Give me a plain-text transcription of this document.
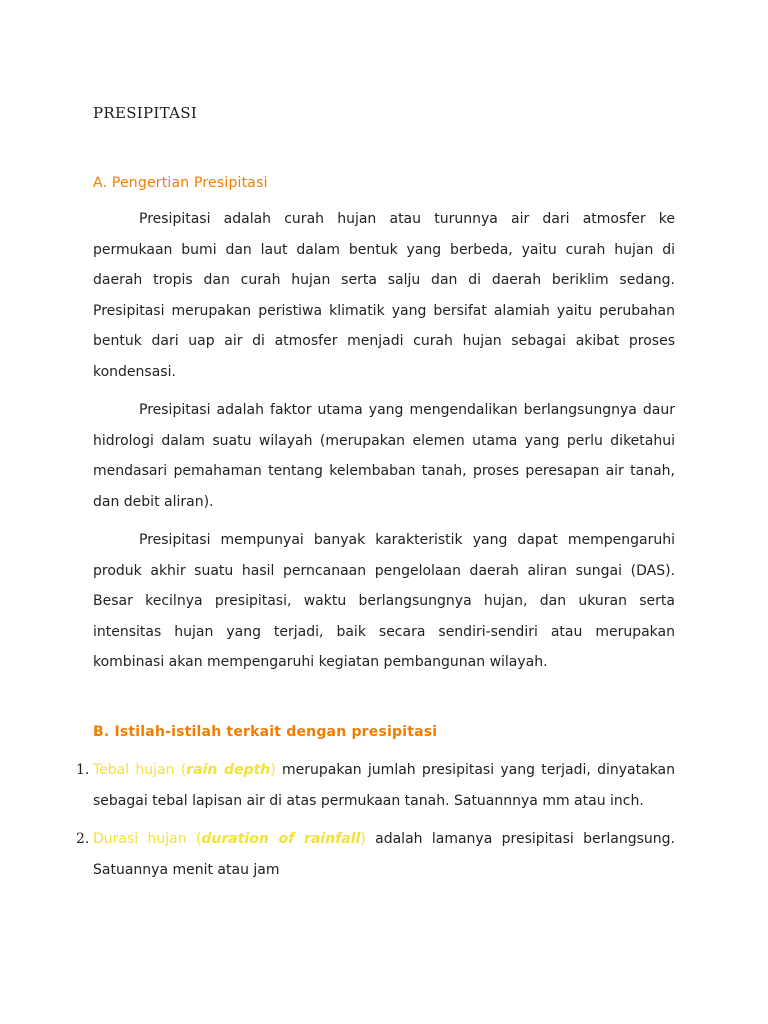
PRESIPITASI
A. Pengertian Presipitasi

Presipitasi adalah curah hujan atau turunnya air dari atmosfer ke permukaan bumi dan laut dalam bentuk yang berbeda, yaitu curah hujan di daerah tropis dan curah hujan serta salju dan di daerah beriklim sedang. Presipitasi merupakan peristiwa klimatik yang bersifat alamiah yaitu perubahan bentuk dari uap air di atmosfer menjadi curah hujan sebagai akibat proses kondensasi.

Presipitasi adalah faktor utama yang mengendalikan berlangsungnya daur hidrologi dalam suatu wilayah (merupakan elemen utama yang perlu diketahui mendasari pemahaman tentang kelembaban tanah, proses peresapan air tanah, dan debit aliran).

Presipitasi mempunyai banyak karakteristik yang dapat mempengaruhi produk akhir suatu hasil perncanaan pengelolaan daerah aliran sungai (DAS). Besar kecilnya presipitasi, waktu berlangsungnya hujan, dan ukuran serta intensitas hujan yang terjadi, baik secara sendiri-sendiri atau merupakan kombinasi akan mempengaruhi kegiatan pembangunan wilayah.

B. Istilah-istilah terkait dengan presipitasi
1. Tebal hujan (rain depth) merupakan jumlah presipitasi yang terjadi, dinyatakan sebagai tebal lapisan air di atas permukaan tanah. Satuannnya mm atau inch.
2. Durasi hujan (duration of rainfall) adalah lamanya presipitasi berlangsung. Satuannya menit atau jam
